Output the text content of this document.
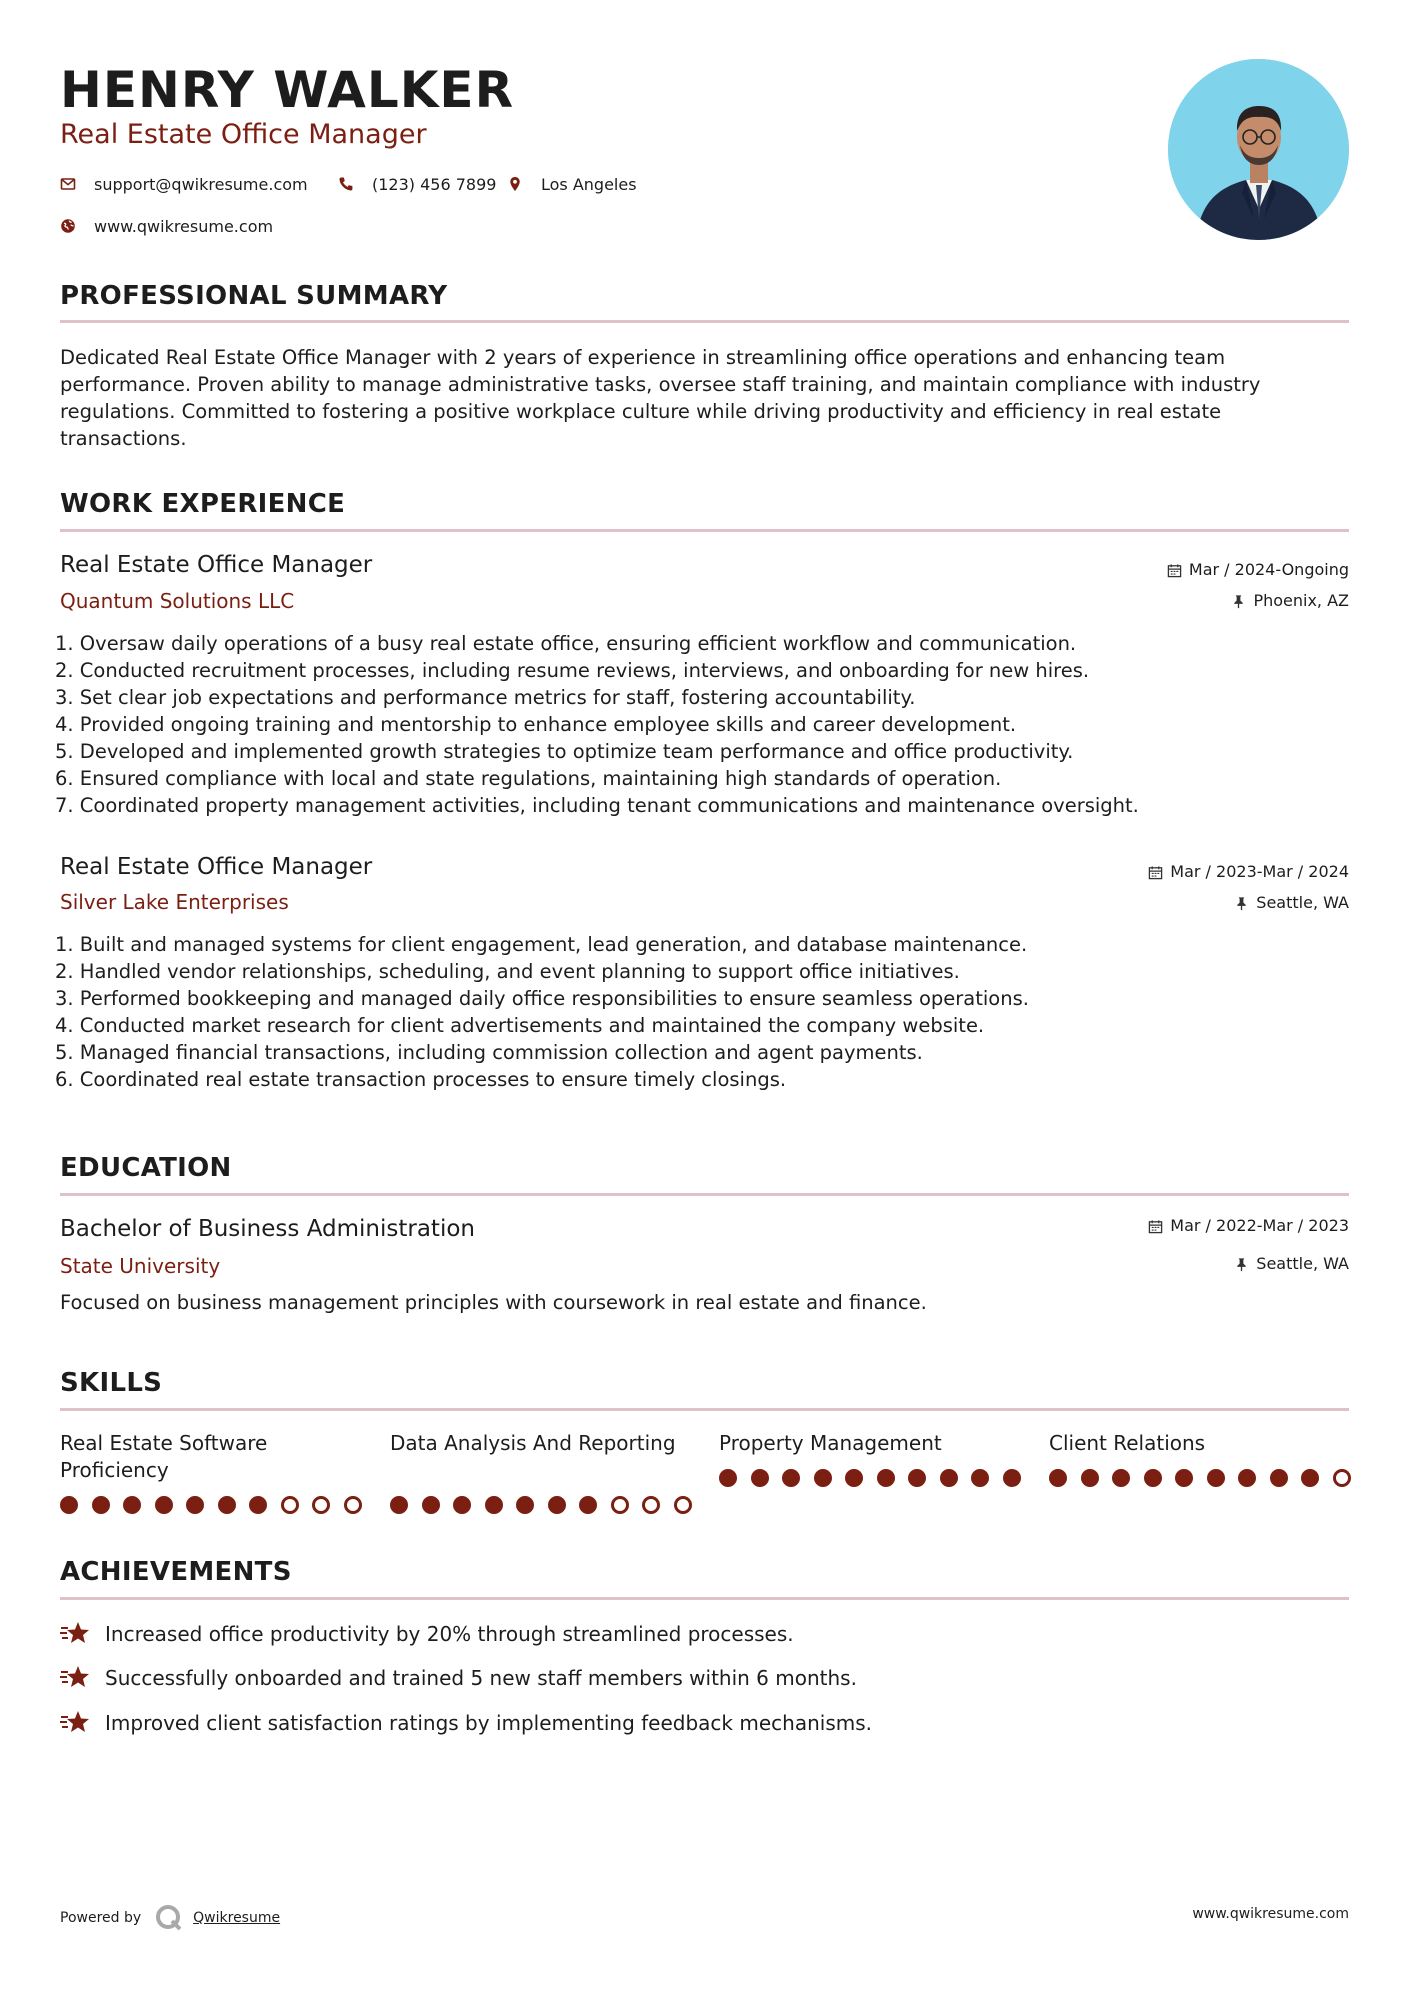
HENRY WALKER
Real Estate Office Manager
support@qwikresume.com	(123) 456 7899	Los Angeles
www.qwikresume.com
PROFESSIONAL SUMMARY
Dedicated Real Estate Office Manager with 2 years of experience in streamlining office operations and enhancing team performance. Proven ability to manage administrative tasks, oversee staff training, and maintain compliance with industry regulations. Committed to fostering a positive workplace culture while driving productivity and efficiency in real estate transactions.
WORK EXPERIENCE
Real Estate Office Manager
Quantum Solutions LLC
Mar / 2024-Ongoing
Phoenix, AZ
1. Oversaw daily operations of a busy real estate office, ensuring efficient workflow and communication.
2. Conducted recruitment processes, including resume reviews, interviews, and onboarding for new hires.
3. Set clear job expectations and performance metrics for staff, fostering accountability.
4. Provided ongoing training and mentorship to enhance employee skills and career development.
5. Developed and implemented growth strategies to optimize team performance and office productivity.
6. Ensured compliance with local and state regulations, maintaining high standards of operation.
7. Coordinated property management activities, including tenant communications and maintenance oversight.
Real Estate Office Manager
Silver Lake Enterprises
Mar / 2023-Mar / 2024
Seattle, WA
1. Built and managed systems for client engagement, lead generation, and database maintenance.
2. Handled vendor relationships, scheduling, and event planning to support office initiatives.
3. Performed bookkeeping and managed daily office responsibilities to ensure seamless operations.
4. Conducted market research for client advertisements and maintained the company website.
5. Managed financial transactions, including commission collection and agent payments.
6. Coordinated real estate transaction processes to ensure timely closings.
EDUCATION
Bachelor of Business Administration
State University
Mar / 2022-Mar / 2023
Seattle, WA
Focused on business management principles with coursework in real estate and finance.
SKILLS
Real Estate Software Proficiency
Data Analysis And Reporting	Property Management	Client Relations
ACHIEVEMENTS
Increased office productivity by 20% through streamlined processes.
Successfully onboarded and trained 5 new staff members within 6 months.
Improved client satisfaction ratings by implementing feedback mechanisms.
Powered by	Qwikresume	www.qwikresume.com
